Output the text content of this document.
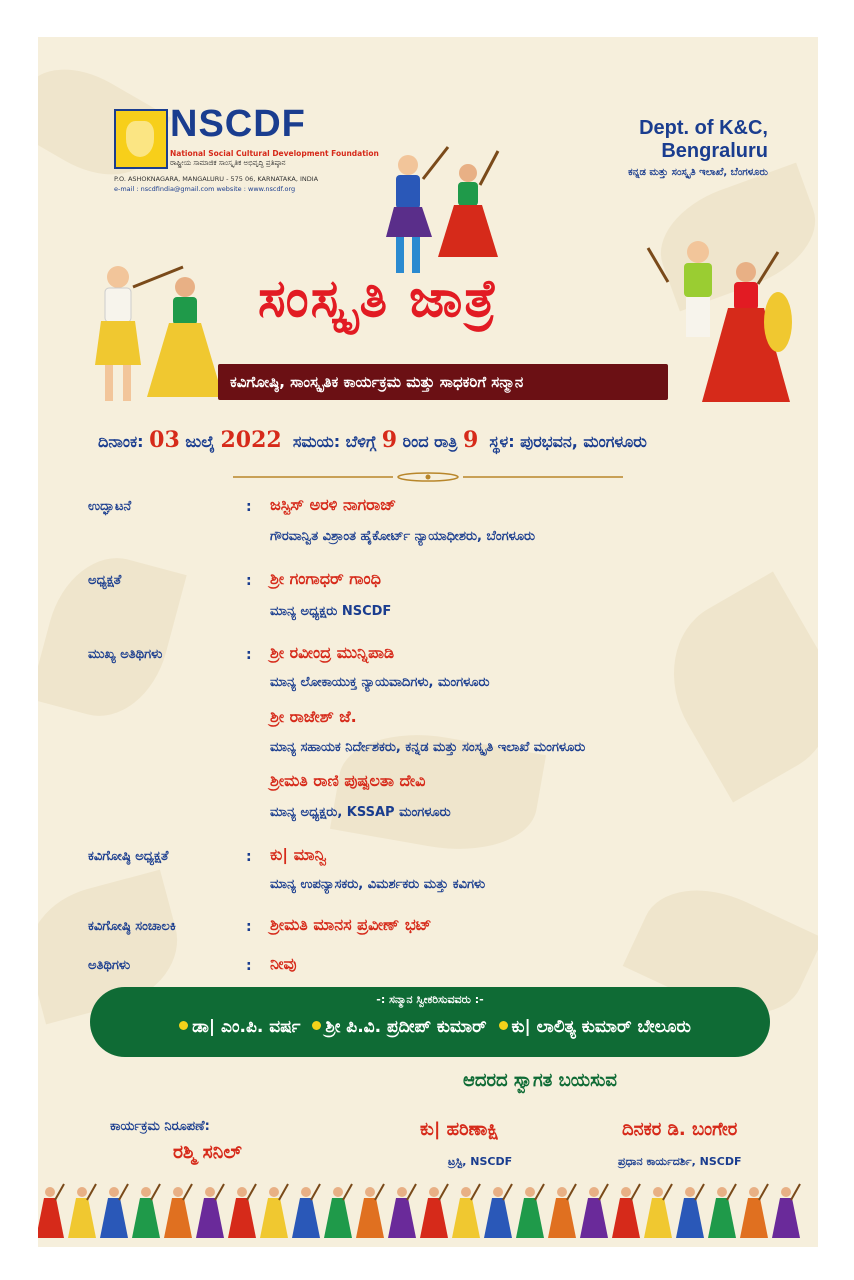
NSCDF
National Social Cultural Development Foundation
ರಾಷ್ಟ್ರೀಯ ಸಾಮಾಜಿಕ ಸಾಂಸ್ಕೃತಿಕ ಅಭಿವೃದ್ಧಿ ಪ್ರತಿಷ್ಠಾನ
P.O. ASHOKNAGARA, MANGALURU - 575 06, KARNATAKA, INDIA
e-mail : nscdfindia@gmail.com website : www.nscdf.org
Dept. of K&C, Bengraluru
ಕನ್ನಡ ಮತ್ತು ಸಂಸ್ಕೃತಿ ಇಲಾಖೆ, ಬೆಂಗಳೂರು
ಸಂಸ್ಕೃತಿ ಜಾತ್ರೆ
ಕವಿಗೋಷ್ಠಿ, ಸಾಂಸ್ಕೃತಿಕ ಕಾರ್ಯಕ್ರಮ ಮತ್ತು ಸಾಧಕರಿಗೆ ಸನ್ಮಾನ
ದಿನಾಂಕ: 03 ಜುಲೈ 2022 ಸಮಯ: ಬೆಳಿಗ್ಗೆ 9 ರಿಂದ ರಾತ್ರಿ 9 ಸ್ಥಳ: ಪುರಭವನ, ಮಂಗಳೂರು
ಉದ್ಘಾಟನೆ	: ಜಸ್ಟಿಸ್ ಅರಳಿ ನಾಗರಾಜ್
ಗೌರವಾನ್ವಿತ ವಿಶ್ರಾಂತ ಹೈಕೋರ್ಟ್ ನ್ಯಾಯಾಧೀಶರು, ಬೆಂಗಳೂರು
ಅಧ್ಯಕ್ಷತೆ	: ಶ್ರೀ ಗಂಗಾಧರ್ ಗಾಂಧಿ
ಮಾನ್ಯ ಅಧ್ಯಕ್ಷರು NSCDF
ಮುಖ್ಯ ಅತಿಥಿಗಳು	: ಶ್ರೀ ರವೀಂದ್ರ ಮುನ್ನಿಪಾಡಿ
ಮಾನ್ಯ ಲೋಕಾಯುಕ್ತ ನ್ಯಾಯವಾದಿಗಳು, ಮಂಗಳೂರು
ಶ್ರೀ ರಾಜೇಶ್ ಜೆ.
ಮಾನ್ಯ ಸಹಾಯಕ ನಿರ್ದೇಶಕರು, ಕನ್ನಡ ಮತ್ತು ಸಂಸ್ಕೃತಿ ಇಲಾಖೆ ಮಂಗಳೂರು
ಶ್ರೀಮತಿ ರಾಣಿ ಪುಷ್ಪಲತಾ ದೇವಿ
ಮಾನ್ಯ ಅಧ್ಯಕ್ಷರು, KSSAP ಮಂಗಳೂರು
ಕವಿಗೋಷ್ಠಿ ಅಧ್ಯಕ್ಷತೆ	: ಕು| ಮಾನ್ವಿ
ಮಾನ್ಯ ಉಪನ್ಯಾಸಕರು, ವಿಮರ್ಶಕರು ಮತ್ತು ಕವಿಗಳು
ಕವಿಗೋಷ್ಠಿ ಸಂಚಾಲಕಿ	: ಶ್ರೀಮತಿ ಮಾನಸ ಪ್ರವೀಣ್ ಭಟ್
ಅತಿಥಿಗಳು	: ನೀವು
-: ಸನ್ಮಾನ ಸ್ವೀಕರಿಸುವವರು :-
ಡಾ| ಎಂ.ಪಿ. ವರ್ಷ ಶ್ರೀ ಪಿ.ವಿ. ಪ್ರದೀಪ್ ಕುಮಾರ್ ಕು| ಲಾಲಿತ್ಯ ಕುಮಾರ್ ಬೇಲೂರು
ಆದರದ ಸ್ವಾಗತ ಬಯಸುವ
ಕಾರ್ಯಕ್ರಮ ನಿರೂಪಣೆ:
ರಶ್ಮಿ ಸನಿಲ್
ಕು| ಹರಿಣಾಕ್ಷಿ
ಟ್ರಸ್ಟಿ, NSCDF
ದಿನಕರ ಡಿ. ಬಂಗೇರ
ಪ್ರಧಾನ ಕಾರ್ಯದರ್ಶಿ, NSCDF
